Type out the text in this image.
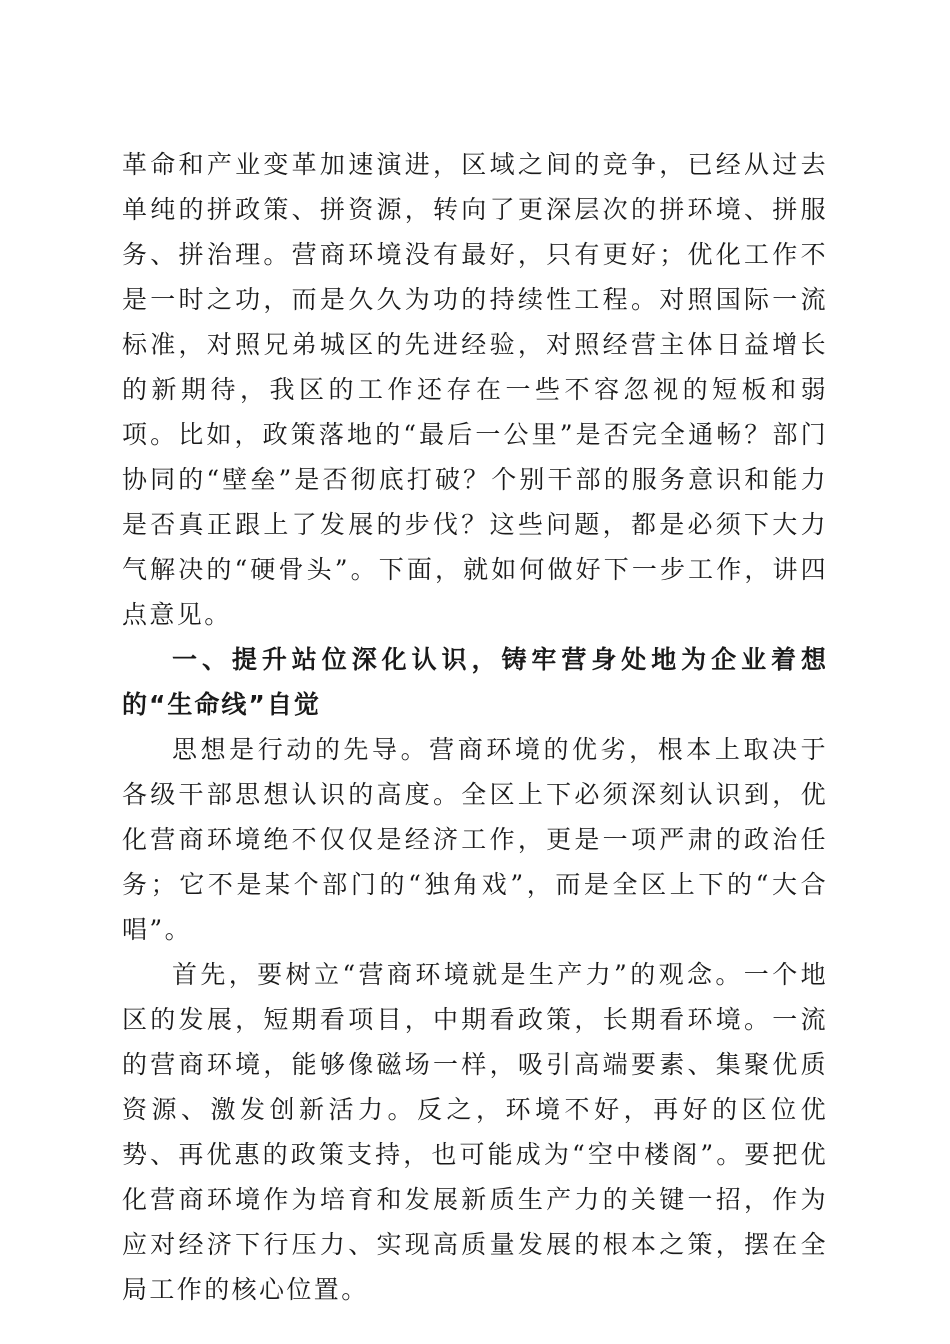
革命和产业变革加速演进，区域之间的竞争，已经从过去单纯的拼政策、拼资源，转向了更深层次的拼环境、拼服务、拼治理。营商环境没有最好，只有更好；优化工作不是一时之功，而是久久为功的持续性工程。对照国际一流标准，对照兄弟城区的先进经验，对照经营主体日益增长的新期待，我区的工作还存在一些不容忽视的短板和弱项。比如，政策落地的“最后一公里”是否完全通畅？部门协同的“壁垒”是否彻底打破？个别干部的服务意识和能力是否真正跟上了发展的步伐？这些问题，都是必须下大力气解决的“硬骨头”。下面，就如何做好下一步工作，讲四点意见。

一、提升站位深化认识，铸牢营身处地为企业着想的“生命线”自觉

思想是行动的先导。营商环境的优劣，根本上取决于各级干部思想认识的高度。全区上下必须深刻认识到，优化营商环境绝不仅仅是经济工作，更是一项严肃的政治任务；它不是某个部门的“独角戏”，而是全区上下的“大合唱”。

首先，要树立“营商环境就是生产力”的观念。一个地区的发展，短期看项目，中期看政策，长期看环境。一流的营商环境，能够像磁场一样，吸引高端要素、集聚优质资源、激发创新活力。反之，环境不好，再好的区位优势、再优惠的政策支持，也可能成为“空中楼阁”。要把优化营商环境作为培育和发展新质生产力的关键一招，作为应对经济下行压力、实现高质量发展的根本之策，摆在全局工作的核心位置。
